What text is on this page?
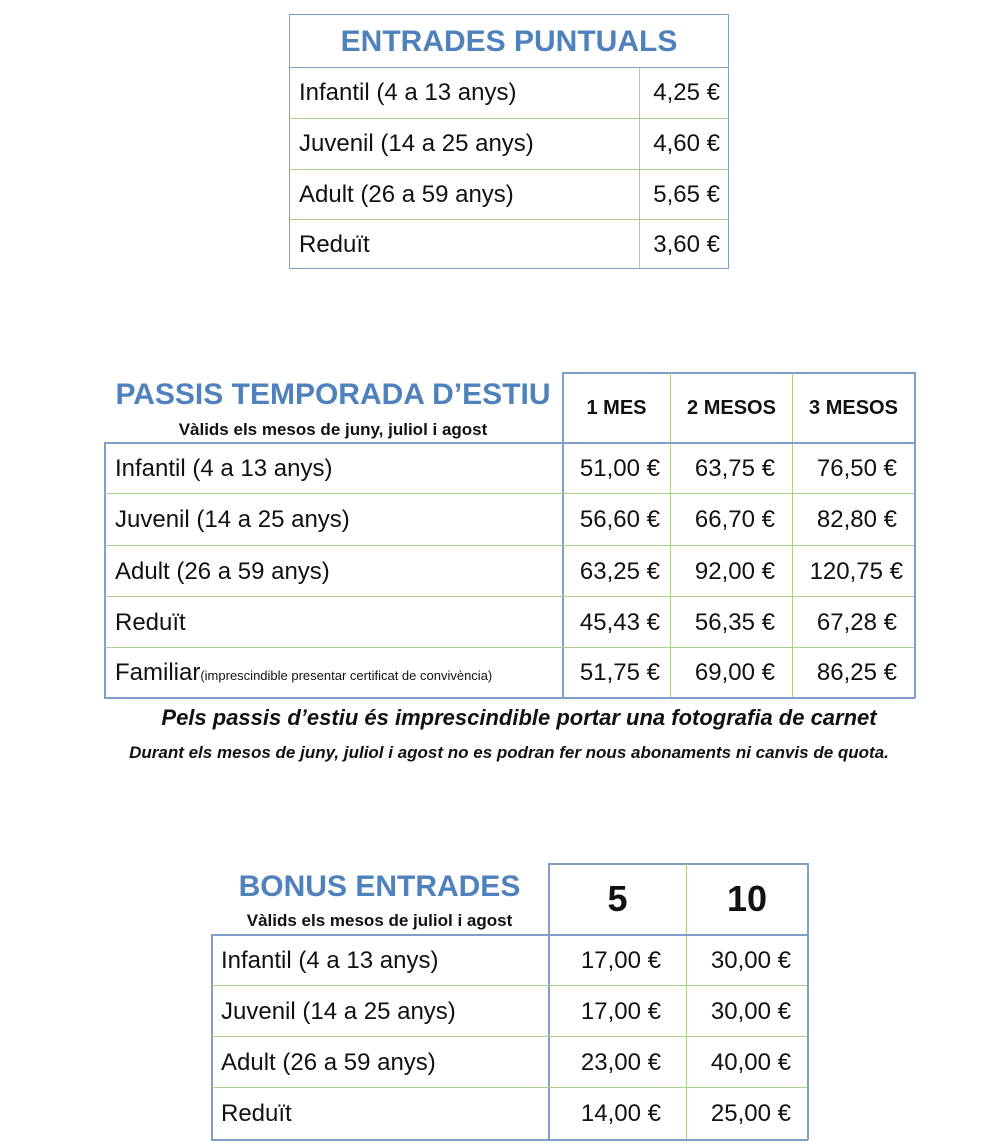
ENTRADES PUNTUALS
Infantil (4 a 13 anys)	4,25 €
Juvenil (14 a 25 anys)	4,60 €
Adult (26 a 59 anys)	5,65 €
Reduït	3,60 €
PASSIS TEMPORADA D’ESTIU
Vàlids els mesos de juny, juliol i agost
1 MES	2 MESOS	3 MESOS
Infantil (4 a 13 anys)	51,00 €	63,75 €	76,50 €
Juvenil (14 a 25 anys)	56,60 €	66,70 €	82,80 €
Adult (26 a 59 anys)	63,25 €	92,00 €	120,75 €
Reduït	45,43 €	56,35 €	67,28 €
Familiar(imprescindible presentar certificat de convivència)	51,75 €	69,00 €	86,25 €
Pels passis d’estiu és imprescindible portar una fotografia de carnet
Durant els mesos de juny, juliol i agost no es podran fer nous abonaments ni canvis de quota.
BONUS ENTRADES
Vàlids els mesos de juliol i agost
5	10
Infantil (4 a 13 anys)	17,00 €	30,00 €
Juvenil (14 a 25 anys)	17,00 €	30,00 €
Adult (26 a 59 anys)	23,00 €	40,00 €
Reduït	14,00 €	25,00 €
